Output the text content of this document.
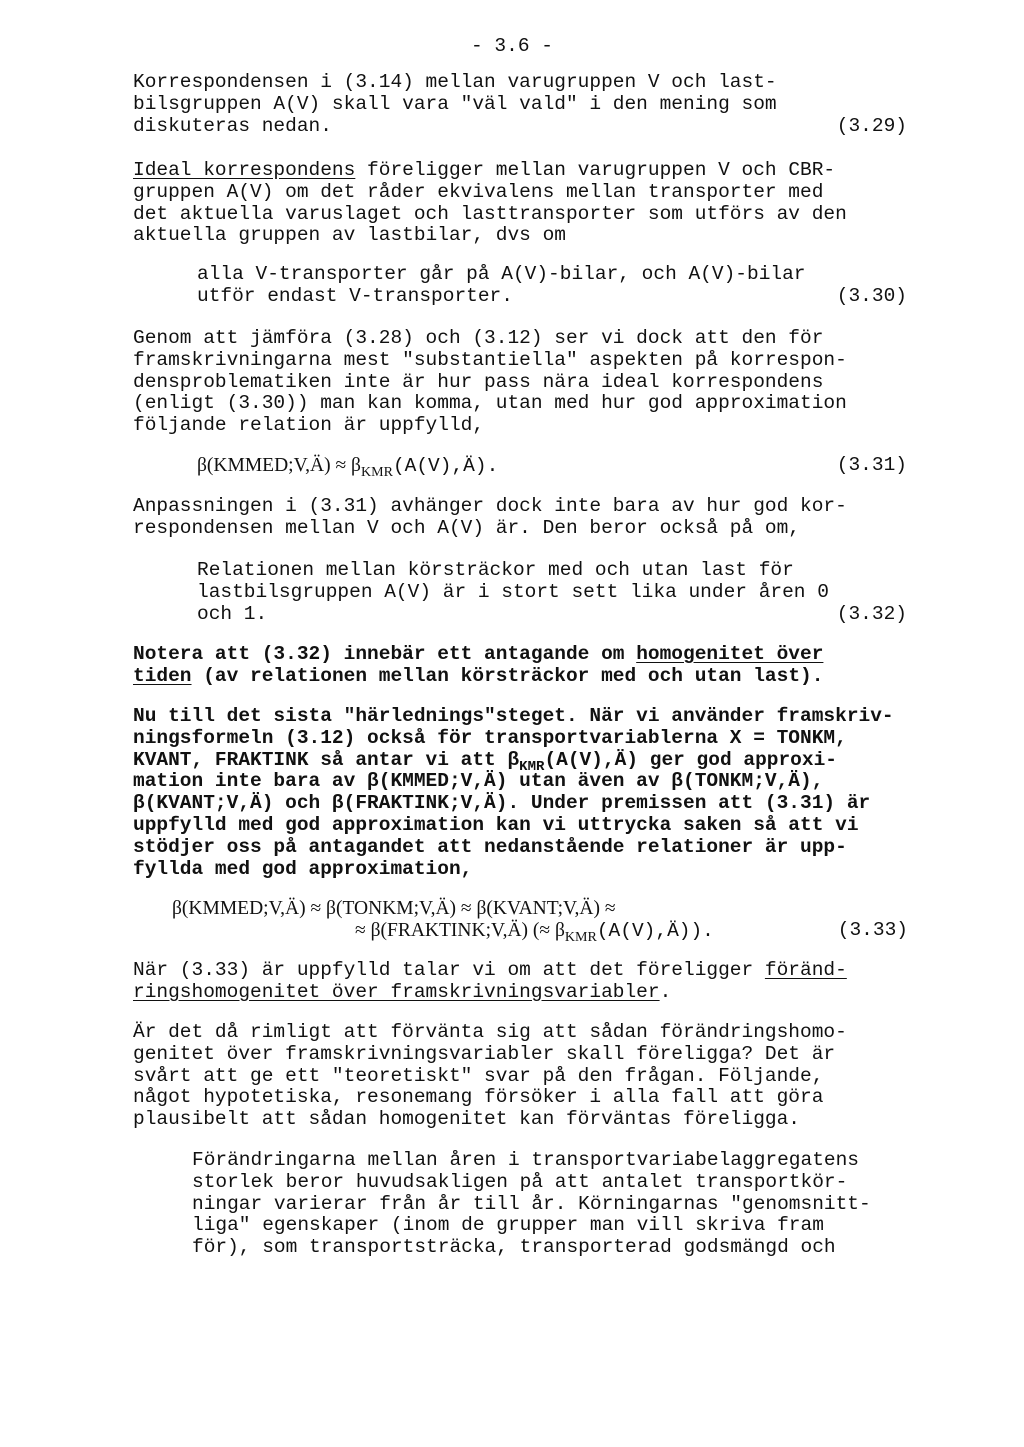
- 3.6 -
Korrespondensen i (3.14) mellan varugruppen V och last-
bilsgruppen A(V) skall vara "väl vald" i den mening som
diskuteras nedan.	(3.29)
Ideal korrespondens föreligger mellan varugruppen V och CBR-
gruppen A(V) om det råder ekvivalens mellan transporter med
det aktuella varuslaget och lasttransporter som utförs av den
aktuella gruppen av lastbilar, dvs om
alla V-transporter går på A(V)-bilar, och A(V)-bilar
utför endast V-transporter.	(3.30)
Genom att jämföra (3.28) och (3.12) ser vi dock att den för
framskrivningarna mest "substantiella" aspekten på korrespon-
densproblematiken inte är hur pass nära ideal korrespondens
(enligt (3.30)) man kan komma, utan med hur god approximation
följande relation är uppfylld,
β(KMMED;V,Ä) ≈ $\beta_{KMR}(A(V),Ä)$.	(3.31)
Anpassningen i (3.31) avhänger dock inte bara av hur god kor-
respondensen mellan V och A(V) är. Den beror också på om,
Relationen mellan körsträckor med och utan last för
lastbilsgruppen A(V) är i stort sett lika under åren 0
och 1.	(3.32)
Notera att (3.32) innebär ett antagande om homogenitet över
tiden (av relationen mellan körsträckor med och utan last).
Nu till det sista "härlednings"steget. När vi använder framskriv-
ningsformeln (3.12) också för transportvariablerna X = TONKM,
KVANT, FRAKTINK så antar vi att $\beta_{KMR}(A(V),Ä)$ ger god approxi-
mation inte bara av β(KMMED;V,Ä) utan även av β(TONKM;V,Ä),
β(KVANT;V,Ä) och β(FRAKTINK;V,Ä). Under premissen att (3.31) är
uppfylld med god approximation kan vi uttrycka saken så att vi
stödjer oss på antagandet att nedanstående relationer är upp-
fyllda med god approximation,
β(KMMED;V,Ä) ≈ β(TONKM;V,Ä) ≈ β(KVANT;V,Ä) ≈
≈ β(FRAKTINK;V,Ä) (≈ $\beta_{KMR}(A(V),Ä)$).	(3.33)
När (3.33) är uppfylld talar vi om att det föreligger föränd-
ringshomogenitet över framskrivningsvariabler.
Är det då rimligt att förvänta sig att sådan förändringshomo-
genitet över framskrivningsvariabler skall föreligga? Det är
svårt att ge ett "teoretiskt" svar på den frågan. Följande,
något hypotetiska, resonemang försöker i alla fall att göra
plausibelt att sådan homogenitet kan förväntas föreligga.
Förändringarna mellan åren i transportvariabelaggregatens
storlek beror huvudsakligen på att antalet transportkör-
ningar varierar från år till år. Körningarnas "genomsnitt-
liga" egenskaper (inom de grupper man vill skriva fram
för), som transportsträcka, transporterad godsmängd och
